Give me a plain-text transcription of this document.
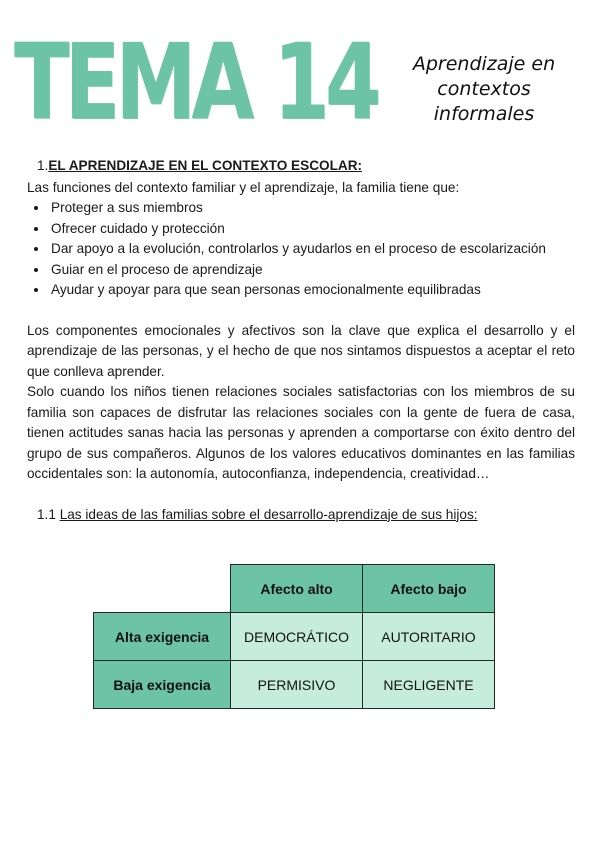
TEMA 14	Aprendizaje en
contextos
informales
1.EL APRENDIZAJE EN EL CONTEXTO ESCOLAR:
Las funciones del contexto familiar y el aprendizaje, la familia tiene que:
• Proteger a sus miembros
• Ofrecer cuidado y protección
• Dar apoyo a la evolución, controlarlos y ayudarlos en el proceso de escolarización
• Guiar en el proceso de aprendizaje
• Ayudar y apoyar para que sean personas emocionalmente equilibradas

Los componentes emocionales y afectivos son la clave que explica el desarrollo y el aprendizaje de las personas, y el hecho de que nos sintamos dispuestos a aceptar el reto que conlleva aprender.

Solo cuando los niños tienen relaciones sociales satisfactorias con los miembros de su familia son capaces de disfrutar las relaciones sociales con la gente de fuera de casa, tienen actitudes sanas hacia las personas y aprenden a comportarse con éxito dentro del grupo de sus compañeros. Algunos de los valores educativos dominantes en las familias occidentales son: la autonomía, autoconfianza, independencia, creatividad…

1.1 Las ideas de las familias sobre el desarrollo-aprendizaje de sus hijos:
	Afecto alto	Afecto bajo
Alta exigencia	DEMOCRÁTICO	AUTORITARIO
Baja exigencia	PERMISIVO	NEGLIGENTE
